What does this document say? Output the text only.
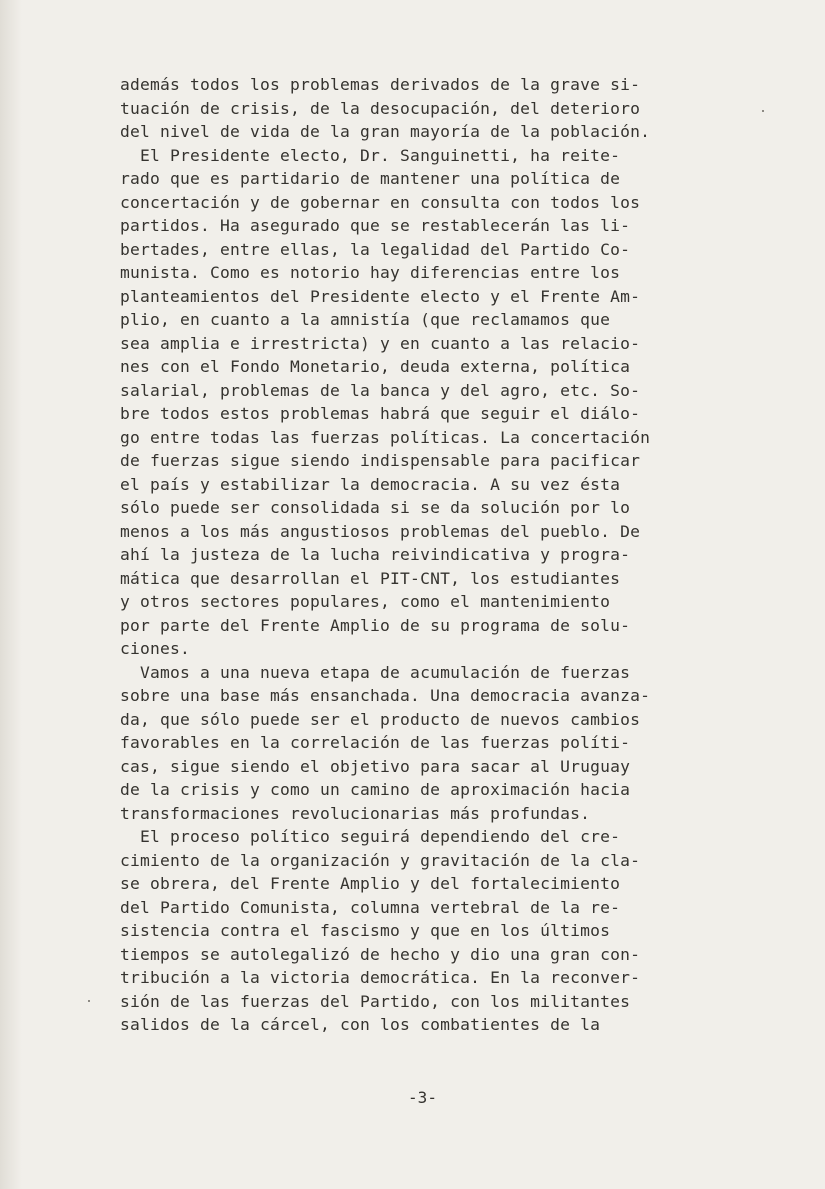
además todos los problemas derivados de la grave si-
tuación de crisis, de la desocupación, del deterioro
del nivel de vida de la gran mayoría de la población.
El Presidente electo, Dr. Sanguinetti, ha reite-
rado que es partidario de mantener una política de
concertación y de gobernar en consulta con todos los
partidos. Ha asegurado que se restablecerán las li-
bertades, entre ellas, la legalidad del Partido Co-
munista. Como es notorio hay diferencias entre los
planteamientos del Presidente electo y el Frente Am-
plio, en cuanto a la amnistía (que reclamamos que
sea amplia e irrestricta) y en cuanto a las relacio-
nes con el Fondo Monetario, deuda externa, política
salarial, problemas de la banca y del agro, etc. So-
bre todos estos problemas habrá que seguir el diálo-
go entre todas las fuerzas políticas. La concertación
de fuerzas sigue siendo indispensable para pacificar
el país y estabilizar la democracia. A su vez ésta
sólo puede ser consolidada si se da solución por lo
menos a los más angustiosos problemas del pueblo. De
ahí la justeza de la lucha reivindicativa y progra-
mática que desarrollan el PIT-CNT, los estudiantes
y otros sectores populares, como el mantenimiento
por parte del Frente Amplio de su programa de solu-
ciones.
Vamos a una nueva etapa de acumulación de fuerzas
sobre una base más ensanchada. Una democracia avanza-
da, que sólo puede ser el producto de nuevos cambios
favorables en la correlación de las fuerzas políti-
cas, sigue siendo el objetivo para sacar al Uruguay
de la crisis y como un camino de aproximación hacia
transformaciones revolucionarias más profundas.
El proceso político seguirá dependiendo del cre-
cimiento de la organización y gravitación de la cla-
se obrera, del Frente Amplio y del fortalecimiento
del Partido Comunista, columna vertebral de la re-
sistencia contra el fascismo y que en los últimos
tiempos se autolegalizó de hecho y dio una gran con-
tribución a la victoria democrática. En la reconver-
sión de las fuerzas del Partido, con los militantes
salidos de la cárcel, con los combatientes de la
-3-
